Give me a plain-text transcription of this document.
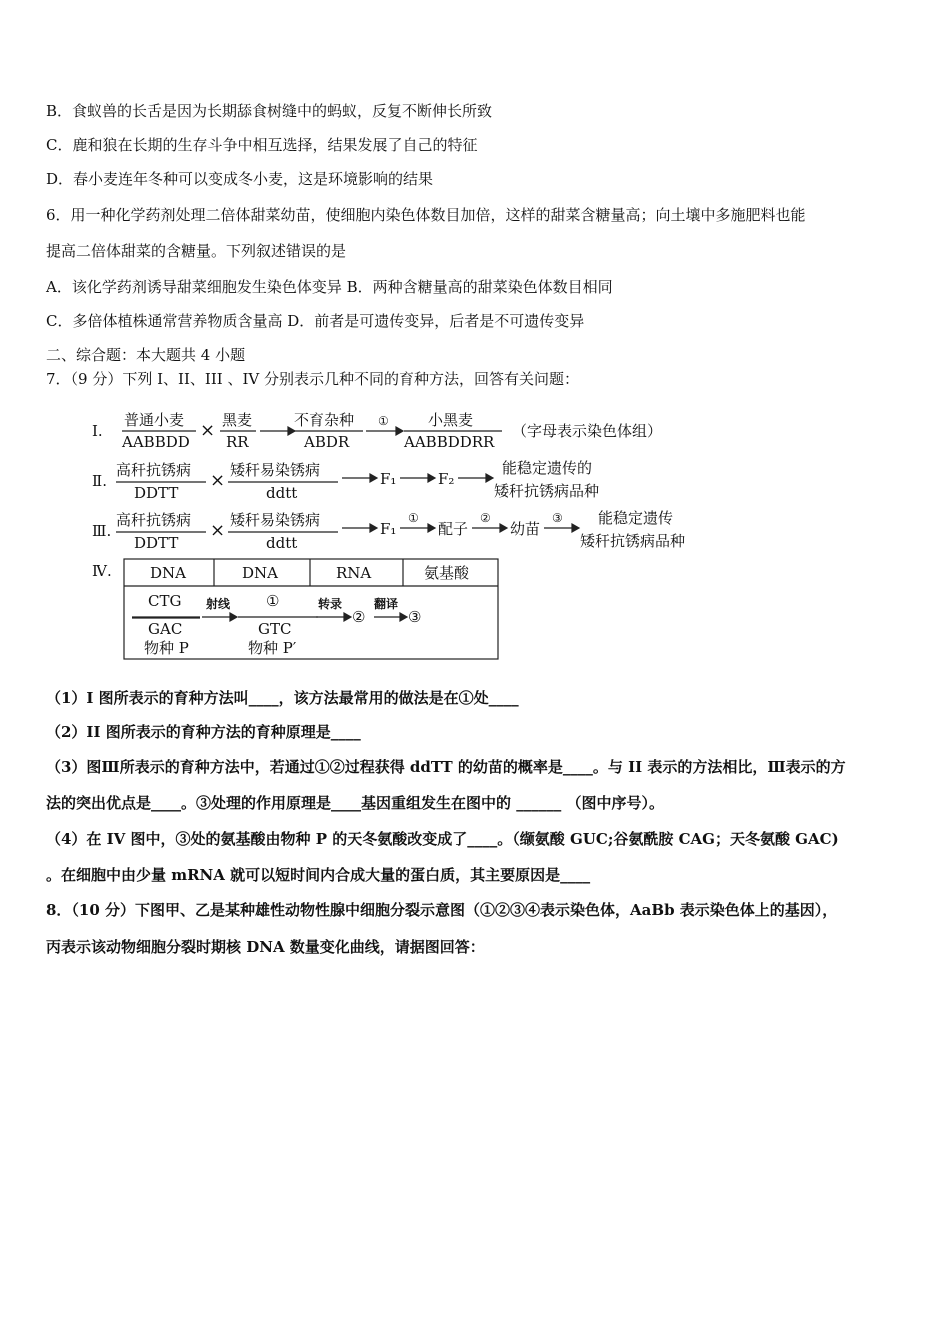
B．食蚁兽的长舌是因为长期舔食树缝中的蚂蚁，反复不断伸长所致
C．鹿和狼在长期的生存斗争中相互选择，结果发展了自己的特征
D．春小麦连年冬种可以变成冬小麦，这是环境影响的结果
6．用一种化学药剂处理二倍体甜菜幼苗，使细胞内染色体数目加倍，这样的甜菜含糖量高；向土壤中多施肥料也能
提高二倍体甜菜的含糖量。下列叙述错误的是
A．该化学药剂诱导甜菜细胞发生染色体变异 B．两种含糖量高的甜菜染色体数目相同
C．多倍体植株通常营养物质含量高 D．前者是可遗传变异，后者是不可遗传变异
二、综合题：本大题共 4 小题
7．（9 分）下列 I、II、III 、IV 分别表示几种不同的育种方法，回答有关问题：
Ⅰ.
普通小麦
AABBDD
× 黑麦
RR
不育杂种
ABDR
①	小黑麦
AABBDDRR
（字母表示染色体组）
Ⅱ.
高秆抗锈病
DDTT
× 矮秆易染锈病
ddtt
F₁	F₂
能稳定遗传的
矮秆抗锈病品种
Ⅲ.
高秆抗锈病
DDTT
× 矮秆易染锈病
ddtt
F₁
①
配子
②
幼苗
③ 能稳定遗传
矮秆抗锈病品种
Ⅳ.	DNA	DNA	RNA	氨基酸
CTG
GAC
物种 P
射线 ①
GTC
物种 P′
转录
②
翻译
③
（1）I 图所表示的育种方法叫____，该方法最常用的做法是在①处____
（2）II 图所表示的育种方法的育种原理是____
（3）图Ⅲ所表示的育种方法中，若通过①②过程获得 ddTT 的幼苗的概率是____。与 II 表示的方法相比，Ⅲ表示的方
法的突出优点是____。③处理的作用原理是____基因重组发生在图中的 ______ （图中序号）。
（4）在 IV 图中，③处的氨基酸由物种 P 的天冬氨酸改变成了____。（缬氨酸 GUC;谷氨酰胺 CAG；天冬氨酸 GAC)
。在细胞中由少量 mRNA 就可以短时间内合成大量的蛋白质，其主要原因是____
8．（10 分）下图甲、乙是某种雄性动物性腺中细胞分裂示意图（①②③④表示染色体，AaBb 表示染色体上的基因），
丙表示该动物细胞分裂时期核 DNA 数量变化曲线，请据图回答：
